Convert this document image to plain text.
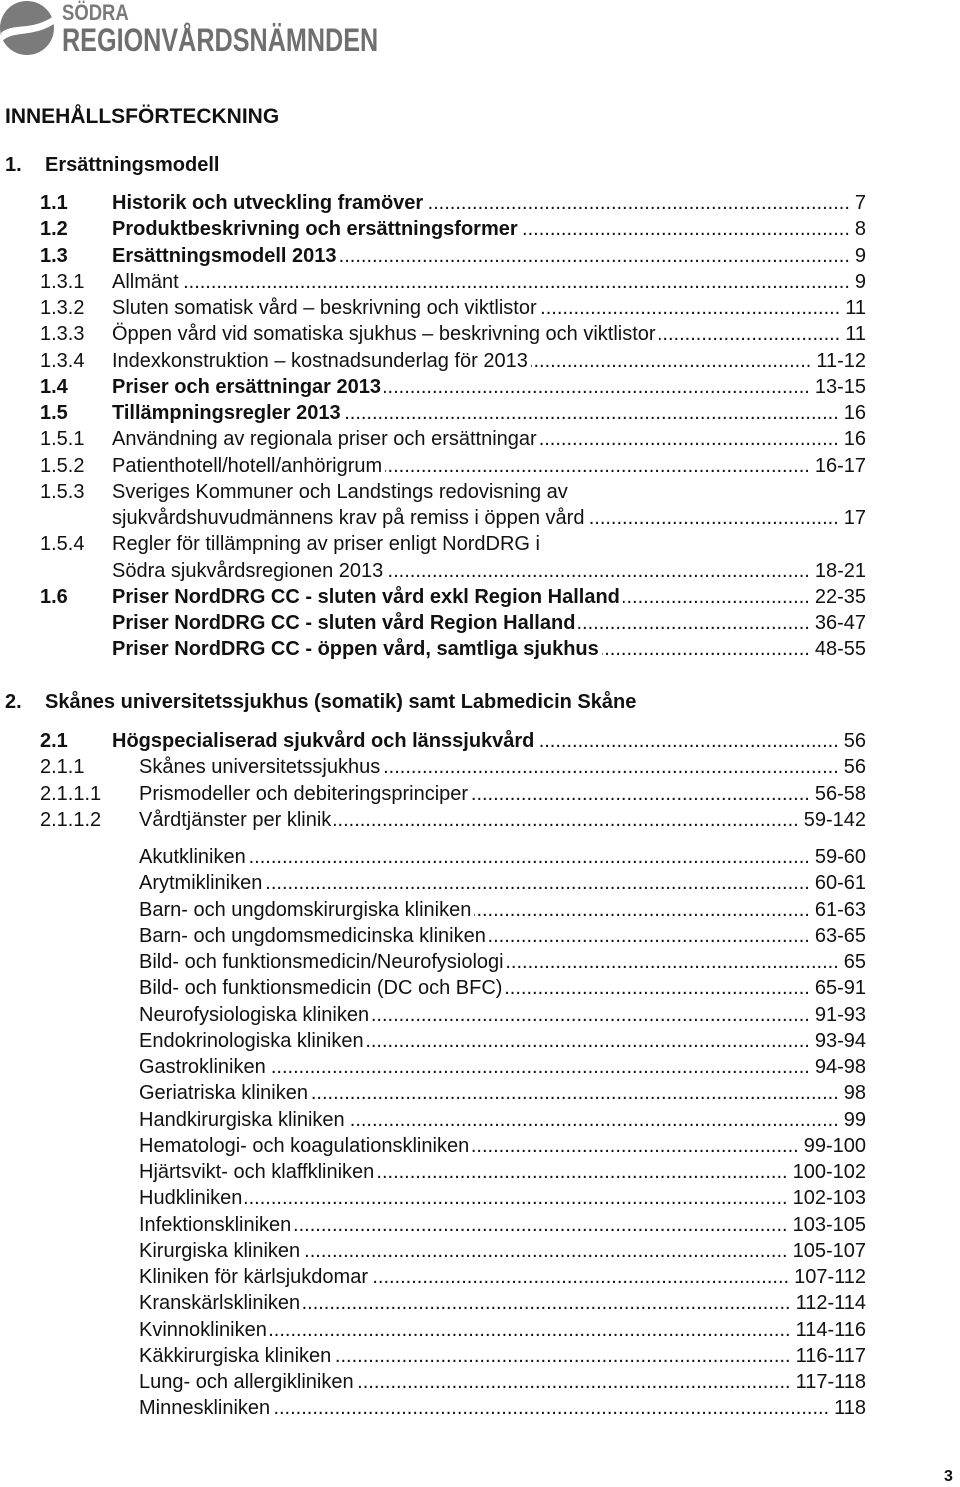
SÖDRA
REGIONVÅRDSNÄMNDEN
INNEHÅLLSFÖRTECKNING
1.	Ersättningsmodell
1.1	Historik och utveckling framöver .....	7
1.2	Produktbeskrivning och ersättningsformer .....	8
1.3	Ersättningsmodell 2013 .....	9
1.3.1	Allmänt .....	9
1.3.2	Sluten somatisk vård – beskrivning och viktlistor .....	11
1.3.3	Öppen vård vid somatiska sjukhus – beskrivning och viktlistor .....	11
1.3.4	Indexkonstruktion – kostnadsunderlag för 2013 .....	11-12
1.4	Priser och ersättningar 2013 .....	13-15
1.5	Tillämpningsregler 2013 .....	16
1.5.1	Användning av regionala priser och ersättningar .....	16
1.5.2	Patienthotell/hotell/anhörigrum .....	16-17
1.5.3	Sveriges Kommuner och Landstings redovisning av
sjukvårdshuvudmännens krav på remiss i öppen vård .....	17
1.5.4	Regler för tillämpning av priser enligt NordDRG i
Södra sjukvårdsregionen 2013 .....	18-21
1.6	Priser NordDRG CC - sluten vård exkl Region Halland .....	22-35
Priser NordDRG CC - sluten vård Region Halland .....	36-47
Priser NordDRG CC - öppen vård, samtliga sjukhus .....	48-55
2.	Skånes universitetssjukhus (somatik) samt Labmedicin Skåne
2.1	Högspecialiserad sjukvård och länssjukvård .....	56
2.1.1	Skånes universitetssjukhus .....	56
2.1.1.1	Prismodeller och debiteringsprinciper .....	56-58
2.1.1.2	Vårdtjänster per klinik .....	59-142
Akutkliniken .....	59-60
Arytmikliniken .....	60-61
Barn- och ungdomskirurgiska kliniken .....	61-63
Barn- och ungdomsmedicinska kliniken .....	63-65
Bild- och funktionsmedicin/Neurofysiologi .....	65
Bild- och funktionsmedicin (DC och BFC) .....	65-91
Neurofysiologiska kliniken .....	91-93
Endokrinologiska kliniken .....	93-94
Gastrokliniken .....	94-98
Geriatriska kliniken .....	98
Handkirurgiska kliniken .....	99
Hematologi- och koagulationskliniken .....	99-100
Hjärtsvikt- och klaffkliniken .....	100-102
Hudkliniken .....	102-103
Infektionskliniken .....	103-105
Kirurgiska kliniken .....	105-107
Kliniken för kärlsjukdomar .....	107-112
Kranskärlskliniken .....	112-114
Kvinnokliniken .....	114-116
Käkkirurgiska kliniken .....	116-117
Lung- och allergikliniken .....	117-118
Minneskliniken .....	118
3
